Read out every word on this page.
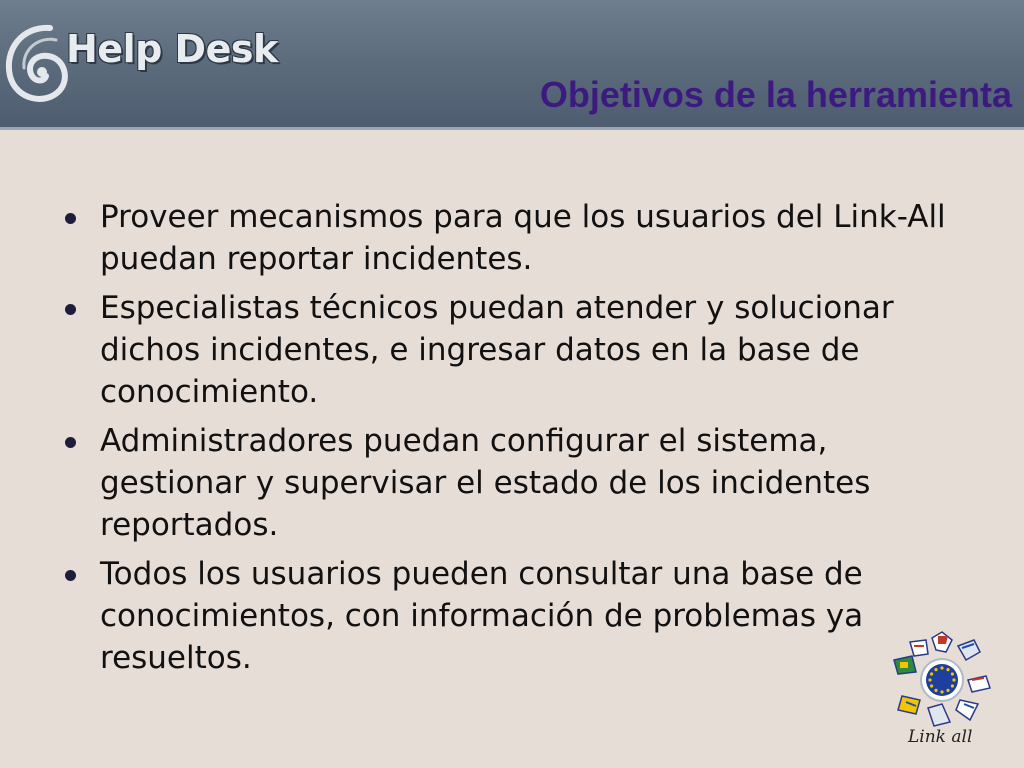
Help Desk
Objetivos de la herramienta
Proveer mecanismos para que los usuarios del Link-All puedan reportar incidentes.
Especialistas técnicos puedan atender y solucionar dichos incidentes, e ingresar datos en la base de conocimiento.
Administradores puedan configurar el sistema, gestionar y supervisar el estado de los incidentes reportados.
Todos los usuarios pueden consultar una base de conocimientos, con información de problemas ya resueltos.
Link all
